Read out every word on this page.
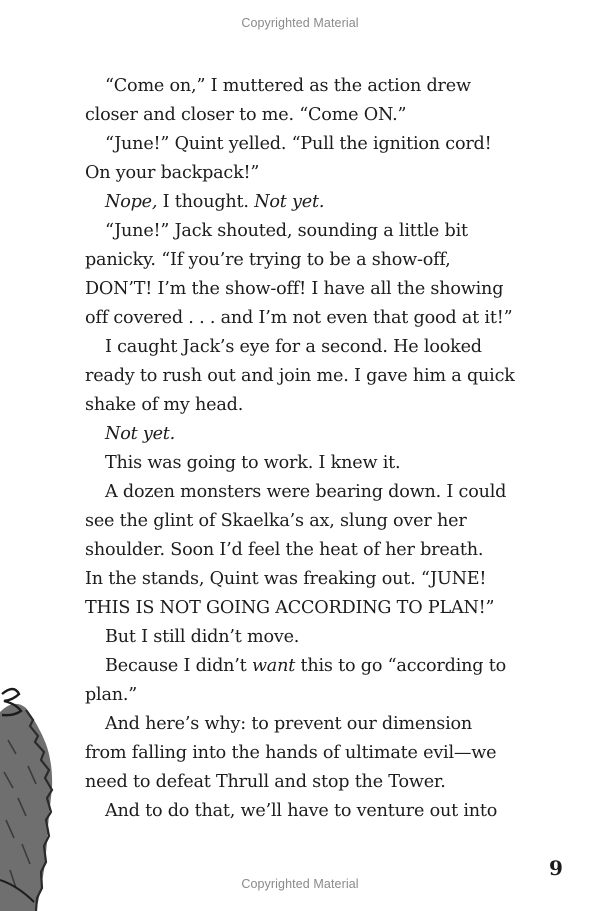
Copyrighted Material
“Come on,” I muttered as the action drew
closer and closer to me. “Come ON.”
“June!” Quint yelled. “Pull the ignition cord!
On your backpack!”
Nope, I thought. Not yet.
“June!” Jack shouted, sounding a little bit
panicky. “If you’re trying to be a show-off,
DON’T! I’m the show-off! I have all the showing
off covered . . . and I’m not even that good at it!”
I caught Jack’s eye for a second. He looked
ready to rush out and join me. I gave him a quick
shake of my head.
Not yet.
This was going to work. I knew it.
A dozen monsters were bearing down. I could
see the glint of Skaelka’s ax, slung over her
shoulder. Soon I’d feel the heat of her breath.
In the stands, Quint was freaking out. “JUNE!
THIS IS NOT GOING ACCORDING TO PLAN!”
But I still didn’t move.
Because I didn’t want this to go “according to
plan.”
And here’s why: to prevent our dimension
from falling into the hands of ultimate evil—we
need to defeat Thrull and stop the Tower.
And to do that, we’ll have to venture out into
9
Copyrighted Material
